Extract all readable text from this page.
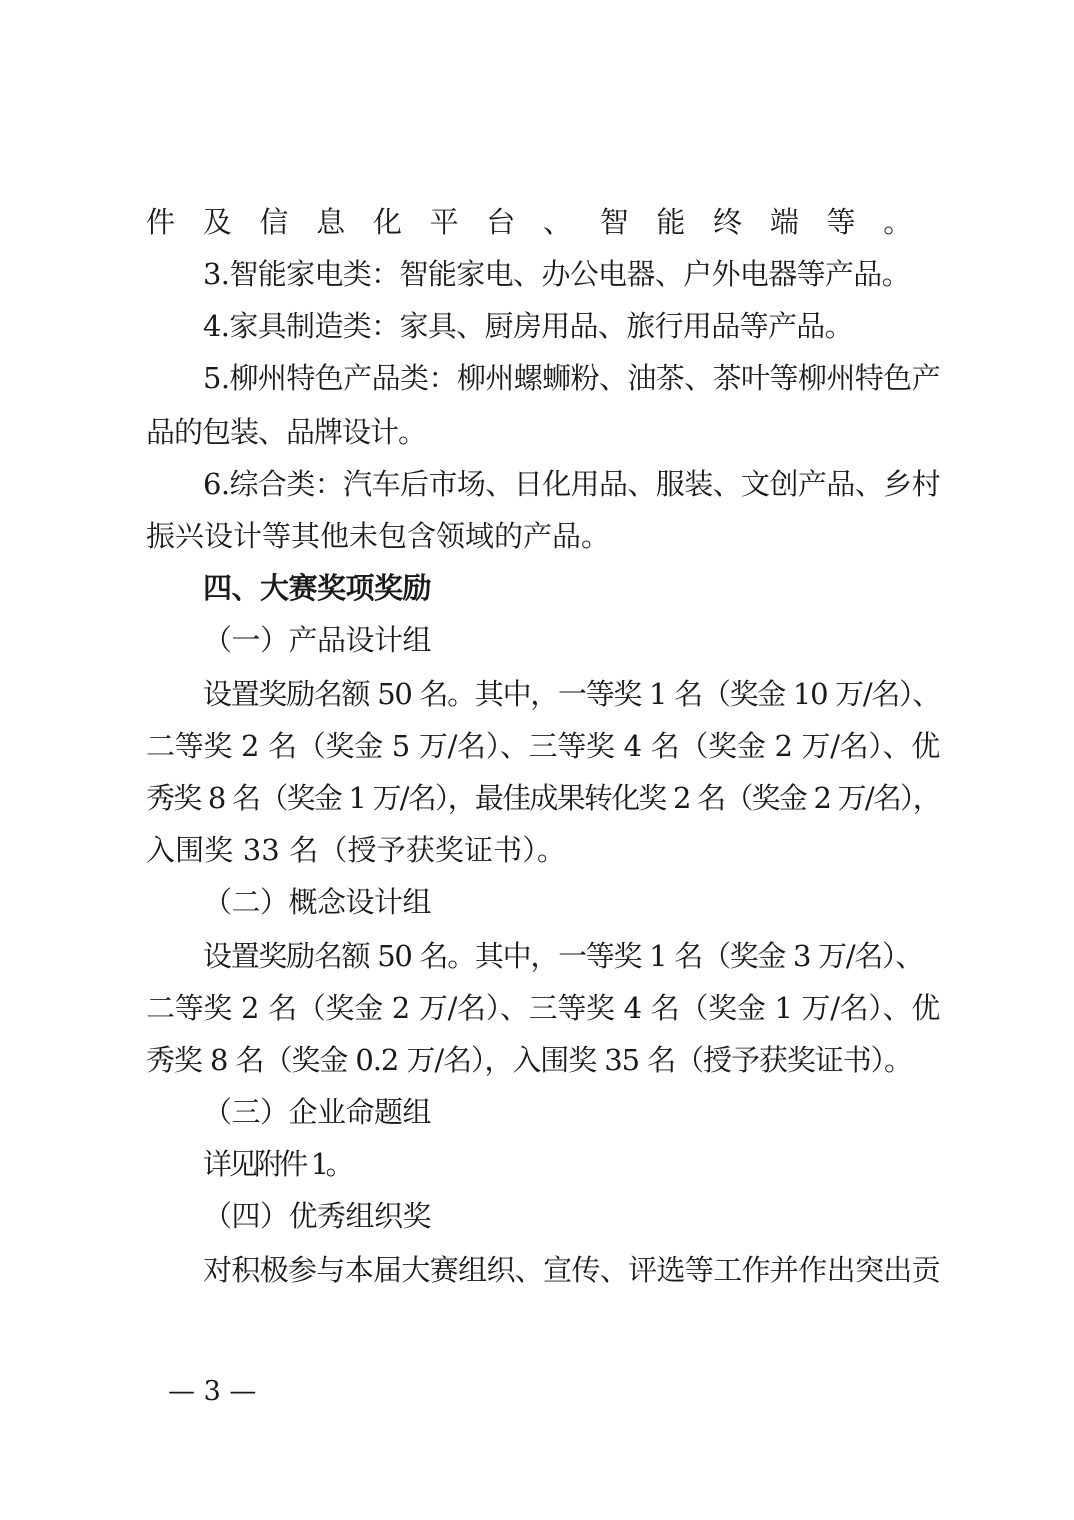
件及信息化平台、智能终端等。
3.智能家电类：智能家电、办公电器、户外电器等产品。
4.家具制造类：家具、厨房用品、旅行用品等产品。
5.柳州特色产品类：柳州螺蛳粉、油茶、茶叶等柳州特色产
品的包装、品牌设计。
6.综合类：汽车后市场、日化用品、服装、文创产品、乡村
振兴设计等其他未包含领域的产品。
四、大赛奖项奖励
（一）产品设计组
设置奖励名额 50 名。其中，一等奖 1 名（奖金 10 万/名）、
二等奖 2 名（奖金 5 万/名）、三等奖 4 名（奖金 2 万/名）、优
秀奖 8 名（奖金 1 万/名），最佳成果转化奖 2 名（奖金 2 万/名），
入围奖 33 名（授予获奖证书）。
（二）概念设计组
设置奖励名额 50 名。其中，一等奖 1 名（奖金 3 万/名）、
二等奖 2 名（奖金 2 万/名）、三等奖 4 名（奖金 1 万/名）、优
秀奖 8 名（奖金 0.2 万/名），入围奖 35 名（授予获奖证书）。
（三）企业命题组
详见附件 1。
（四）优秀组织奖
对积极参与本届大赛组织、宣传、评选等工作并作出突出贡
— 3 —
